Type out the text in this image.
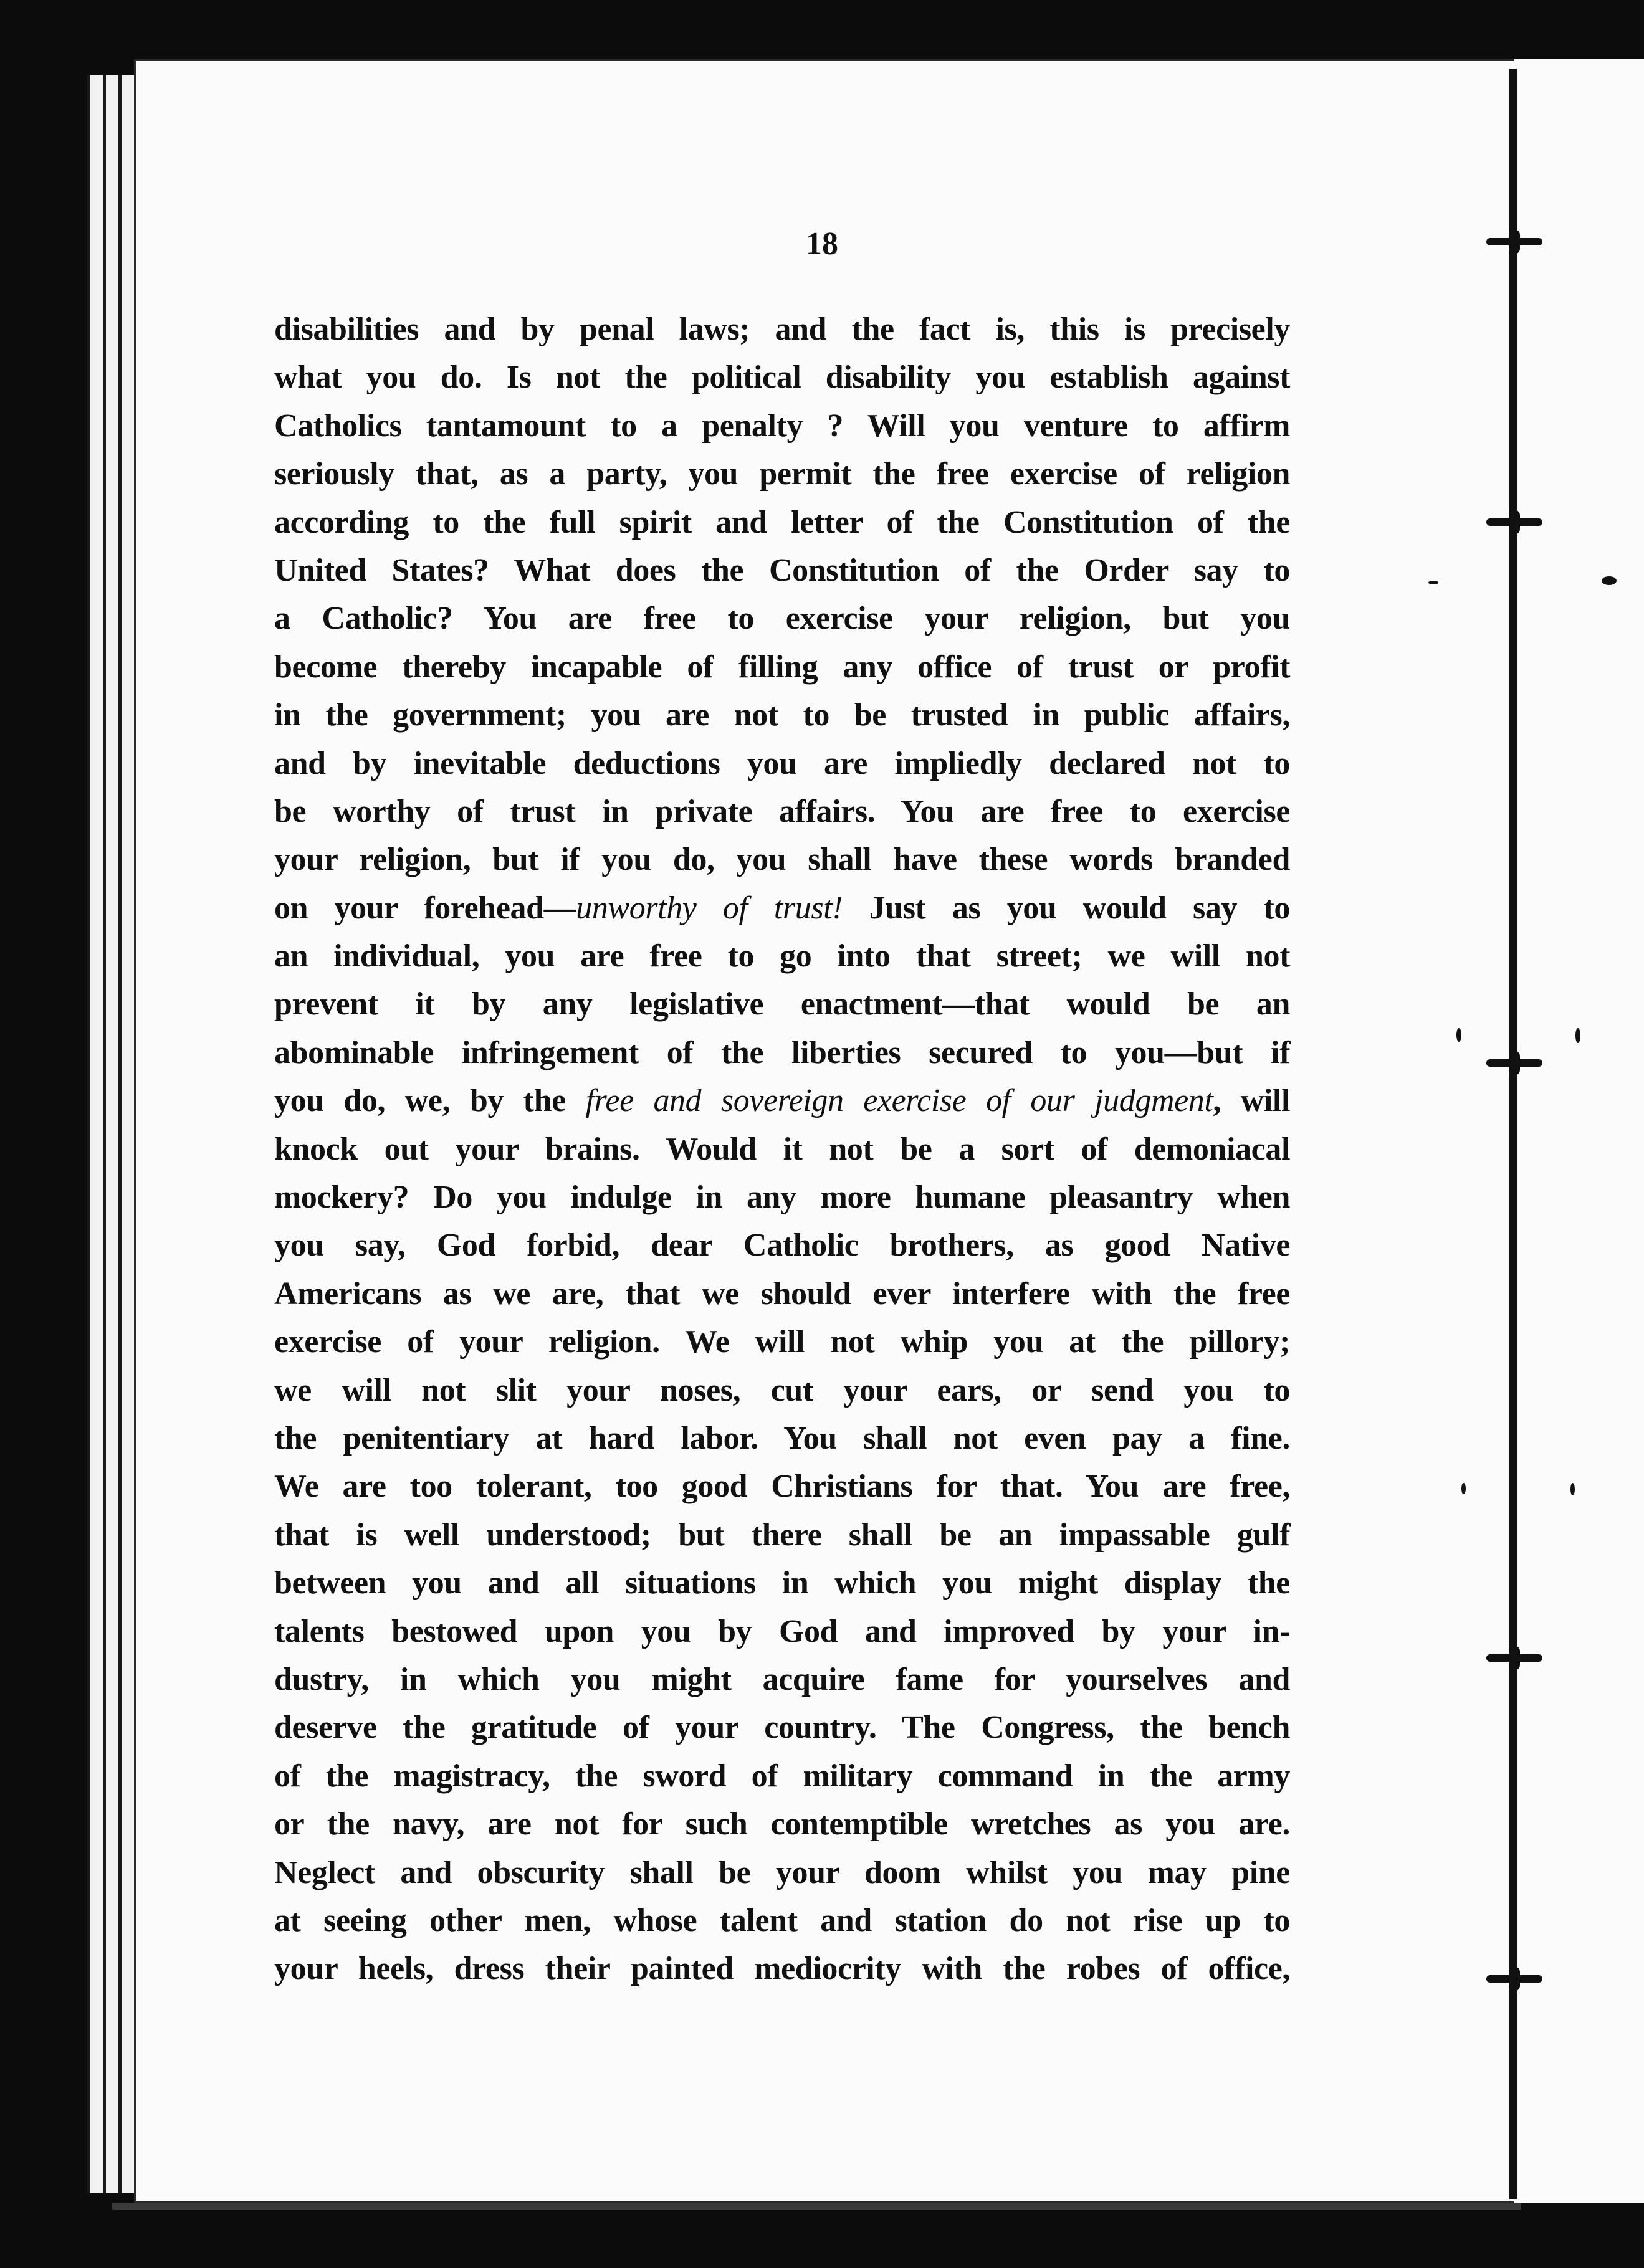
18
disabilities and by penal laws; and the fact is, this is precisely
what you do. Is not the political disability you establish against
Catholics tantamount to a penalty ? Will you venture to affirm
seriously that, as a party, you permit the free exercise of religion
according to the full spirit and letter of the Constitution of the
United States? What does the Constitution of the Order say to
a Catholic? You are free to exercise your religion, but you
become thereby incapable of filling any office of trust or profit
in the government; you are not to be trusted in public affairs,
and by inevitable deductions you are impliedly declared not to
be worthy of trust in private affairs. You are free to exercise
your religion, but if you do, you shall have these words branded
on your forehead—unworthy of trust! Just as you would say to
an individual, you are free to go into that street; we will not
prevent it by any legislative enactment—that would be an
abominable infringement of the liberties secured to you—but if
you do, we, by the free and sovereign exercise of our judgment, will
knock out your brains. Would it not be a sort of demoniacal
mockery? Do you indulge in any more humane pleasantry when
you say, God forbid, dear Catholic brothers, as good Native
Americans as we are, that we should ever interfere with the free
exercise of your religion. We will not whip you at the pillory;
we will not slit your noses, cut your ears, or send you to
the penitentiary at hard labor. You shall not even pay a fine.
We are too tolerant, too good Christians for that. You are free,
that is well understood; but there shall be an impassable gulf
between you and all situations in which you might display the
talents bestowed upon you by God and improved by your in-
dustry, in which you might acquire fame for yourselves and
deserve the gratitude of your country. The Congress, the bench
of the magistracy, the sword of military command in the army
or the navy, are not for such contemptible wretches as you are.
Neglect and obscurity shall be your doom whilst you may pine
at seeing other men, whose talent and station do not rise up to
your heels, dress their painted mediocrity with the robes of office,
